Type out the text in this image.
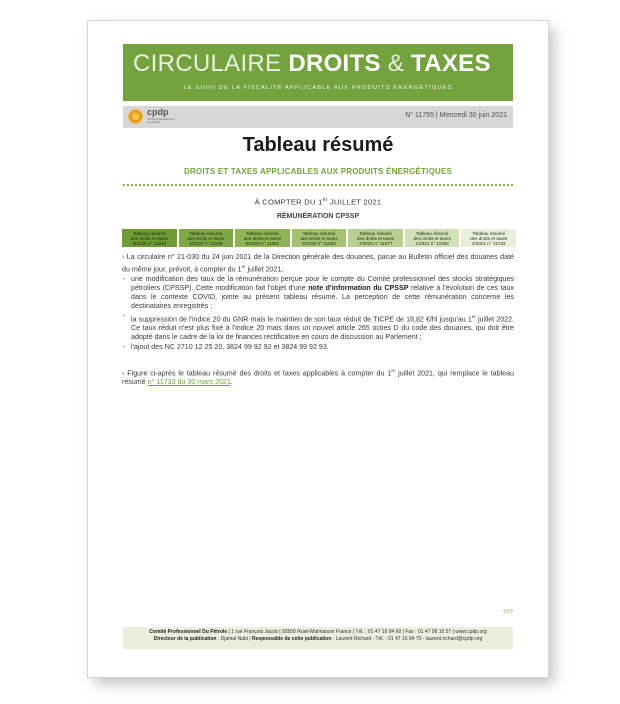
CIRCULAIRE DROITS & TAXES
LE SUIVI DE LA FISCALITÉ APPLICABLE AUX PRODUITS ÉNERGÉTIQUES
cpdp
comité professionnel du pétrole
N° 11755 | Mercredi 30 juin 2021
Tableau résumé
DROITS ET TAXES APPLICABLES AUX PRODUITS ÉNERGÉTIQUES
À COMPTER DU 1er JUILLET 2021
RÉMUNÉRATION CPSSP
Tableau résumé
des droits et taxes
3/2020 n° 11616
Tableau résumé
des droits et taxes
4/2020 n° 11639
Tableau résumé
des droits et taxes
5/2020 n° 11651
Tableau résumé
des droits et taxes
6/2020 n° 11663
Tableau résumé
des droits et taxes
7/2020 n° 11677
Tableau résumé
des droits et taxes
1/2021 n° 11692
Tableau résumé
des droits et taxes
2/2021 n° 11733

› La circulaire n° 21-030 du 24 juin 2021 de la Direction générale des douanes, parue au Bulletin officiel des douanes daté du même jour, prévoit, à compter du 1er juillet 2021,

- une modification des taux de la rémunération perçue pour le compte du Comité professionnel des stocks stratégiques pétroliers (CPSSP). Cette modification fait l'objet d'une note d'information du CPSSP relative à l'évolution de ces taux dans le contexte COVID, jointe au présent tableau résumé. La perception de cette rémunération concerne les destinataires enregistrés ;
- la suppression de l'indice 20 du GNR mais le maintien de son taux réduit de TICPE de 18,82 €/hl jusqu'au 1er juillet 2022. Ce taux réduit n'est plus fixé à l'indice 20 mais dans un nouvel article 265 octies D du code des douanes, qui doit être adopté dans le cadre de la loi de finances rectificative en cours de discussion au Parlement ;
- l'ajout des NC 2710 12 25 20, 3824 99 92 92 et 3824 99 92 93.

› Figure ci-après le tableau résumé des droits et taxes applicables à compter du 1er juillet 2021, qui remplace le tableau résumé n° 11733 du 30 mars 2021.

???
Comité Professionnel Du Pétrole | 1 rue François Jacob | 92500 Rueil-Malmaison France | Tél. : 01 47 16 94 60 | Fax : 01 47 08 10 57 | www.cpdp.org
Directeur de la publication : Djamal Nabi | Responsable de cette publication : Laurent Richard - Tél. : 01 47 16 94 70 - laurent.richard@cpdp.org
